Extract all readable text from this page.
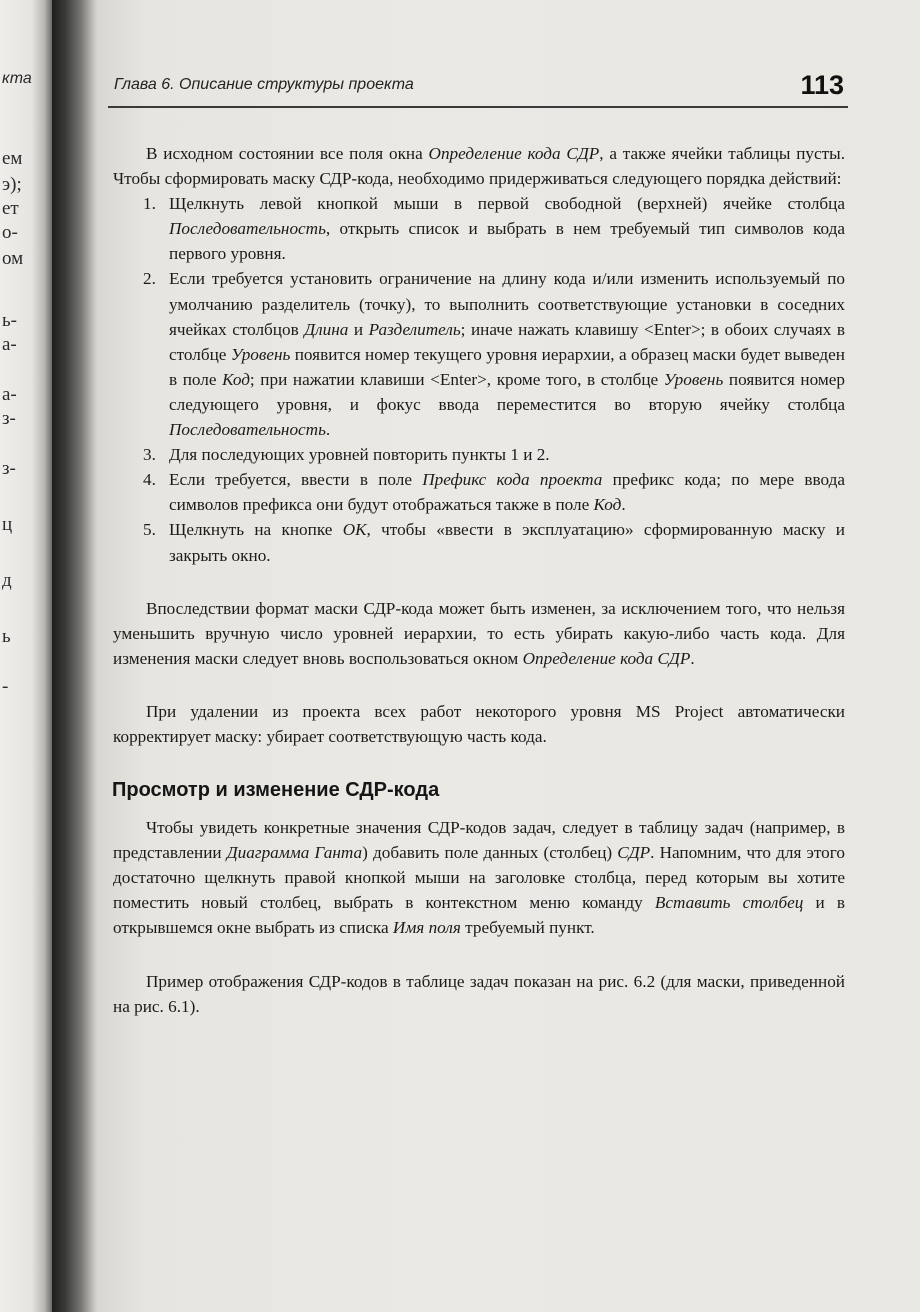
кта
ем
э);
ет
о-
ом
ь-
а-
а-
з-
з-
ц
д
ь
-
Глава 6. Описание структуры проекта	113

В исходном состоянии все поля окна Определение кода СДР, а также ячейки таблицы пусты. Чтобы сформировать маску СДР-кода, необходимо придерживаться следующего порядка действий:

1. Щелкнуть левой кнопкой мыши в первой свободной (верхней) ячейке столбца Последовательность, открыть список и выбрать в нем требуемый тип символов кода первого уровня.
2. Если требуется установить ограничение на длину кода и/или изменить используемый по умолчанию разделитель (точку), то выполнить соответствующие установки в соседних ячейках столбцов Длина и Разделитель; иначе нажать клавишу <Enter>; в обоих случаях в столбце Уровень появится номер текущего уровня иерархии, а образец маски будет выведен в поле Код; при нажатии клавиши <Enter>, кроме того, в столбце Уровень появится номер следующего уровня, и фокус ввода переместится во вторую ячейку столбца Последовательность.
3. Для последующих уровней повторить пункты 1 и 2.
4. Если требуется, ввести в поле Префикс кода проекта префикс кода; по мере ввода символов префикса они будут отображаться также в поле Код.
5. Щелкнуть на кнопке ОК, чтобы «ввести в эксплуатацию» сформированную маску и закрыть окно.

Впоследствии формат маски СДР-кода может быть изменен, за исключением того, что нельзя уменьшить вручную число уровней иерархии, то есть убирать какую-либо часть кода. Для изменения маски следует вновь воспользоваться окном Определение кода СДР.

При удалении из проекта всех работ некоторого уровня MS Project автоматически корректирует маску: убирает соответствующую часть кода.

Просмотр и изменение СДР-кода

Чтобы увидеть конкретные значения СДР-кодов задач, следует в таблицу задач (например, в представлении Диаграмма Ганта) добавить поле данных (столбец) СДР. Напомним, что для этого достаточно щелкнуть правой кнопкой мыши на заголовке столбца, перед которым вы хотите поместить новый столбец, выбрать в контекстном меню команду Вставить столбец и в открывшемся окне выбрать из списка Имя поля требуемый пункт.

Пример отображения СДР-кодов в таблице задач показан на рис. 6.2 (для маски, приведенной на рис. 6.1).
